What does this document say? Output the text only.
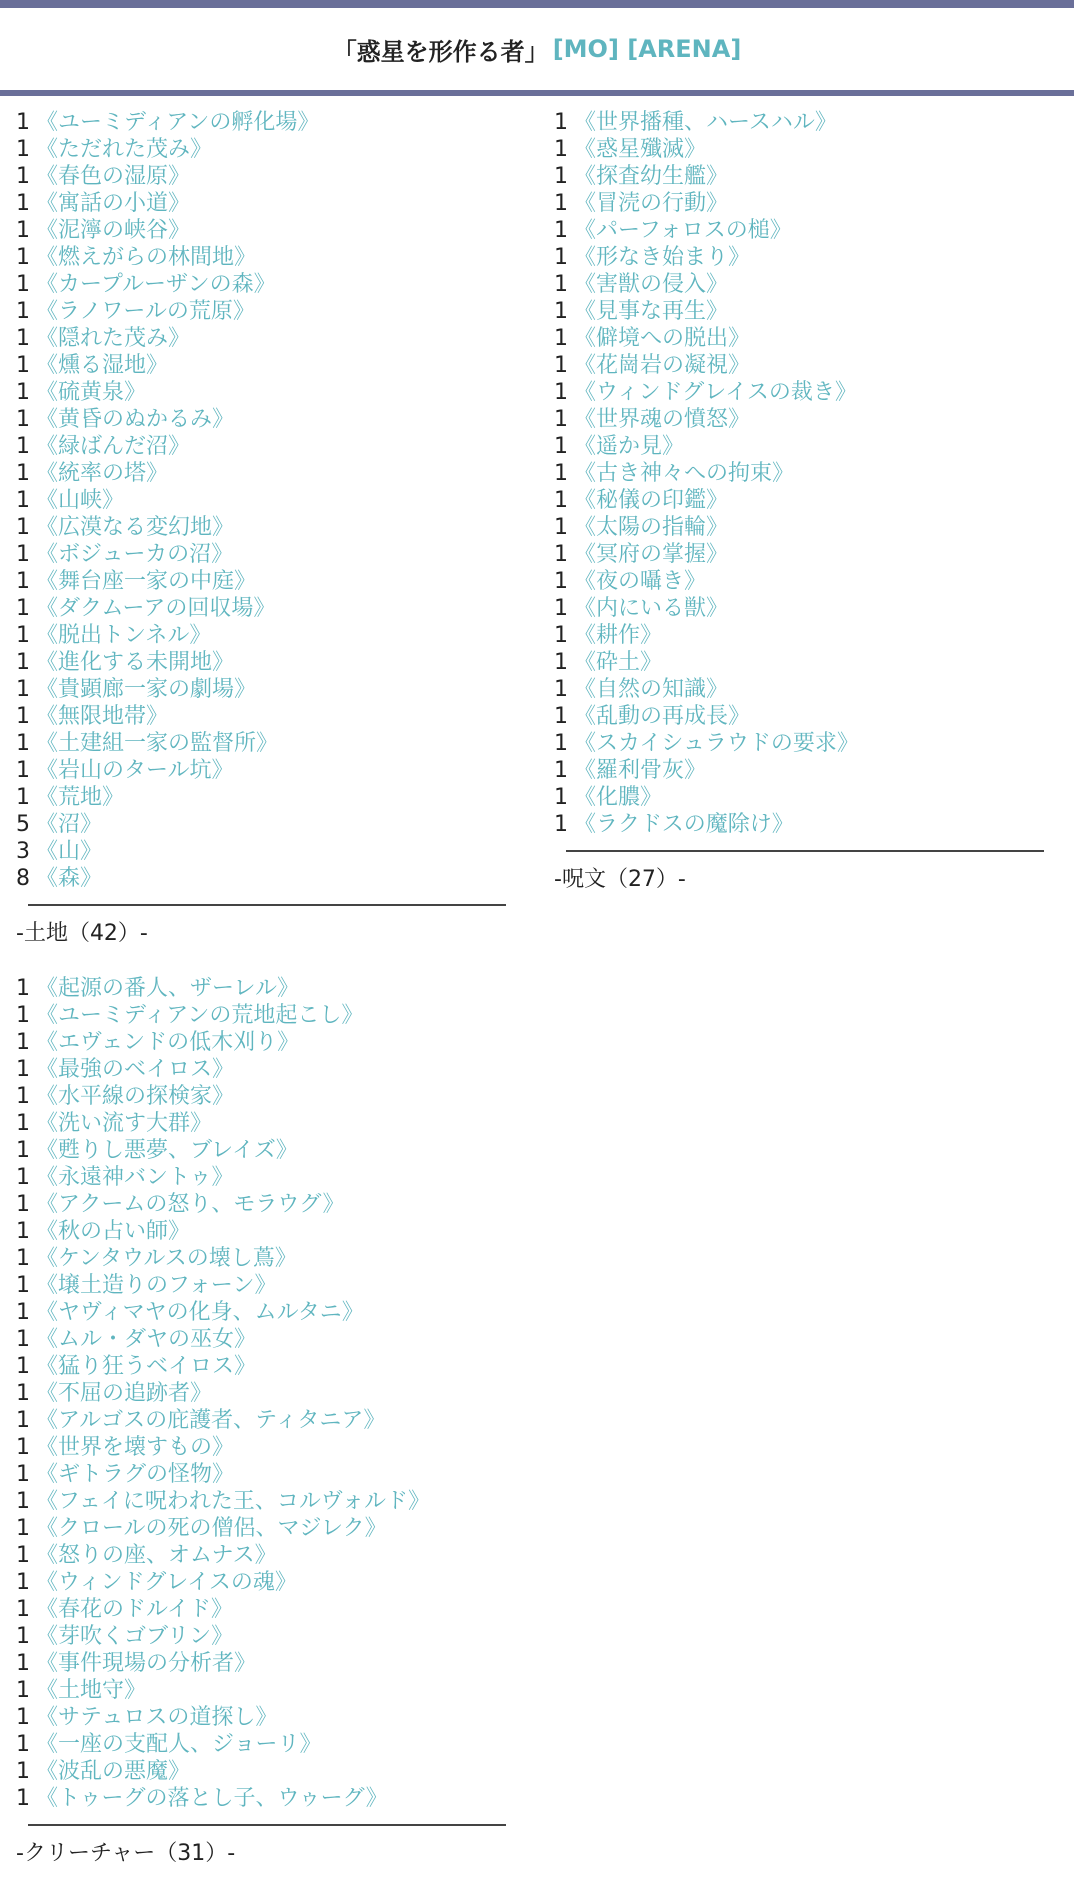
「惑星を形作る者」 [MO] [ARENA]
1 《ユーミディアンの孵化場》
1 《ただれた茂み》
1 《春色の湿原》
1 《寓話の小道》
1 《泥濘の峡谷》
1 《燃えがらの林間地》
1 《カープルーザンの森》
1 《ラノワールの荒原》
1 《隠れた茂み》
1 《燻る湿地》
1 《硫黄泉》
1 《黄昏のぬかるみ》
1 《緑ばんだ沼》
1 《統率の塔》
1 《山峡》
1 《広漠なる変幻地》
1 《ボジューカの沼》
1 《舞台座一家の中庭》
1 《ダクムーアの回収場》
1 《脱出トンネル》
1 《進化する未開地》
1 《貴顕廊一家の劇場》
1 《無限地帯》
1 《土建組一家の監督所》
1 《岩山のタール坑》
1 《荒地》
5 《沼》
3 《山》
8 《森》
-土地（42）-
1 《起源の番人、ザーレル》
1 《ユーミディアンの荒地起こし》
1 《エヴェンドの低木刈り》
1 《最強のベイロス》
1 《水平線の探検家》
1 《洗い流す大群》
1 《甦りし悪夢、ブレイズ》
1 《永遠神バントゥ》
1 《アクームの怒り、モラウグ》
1 《秋の占い師》
1 《ケンタウルスの壊し蔦》
1 《壌土造りのフォーン》
1 《ヤヴィマヤの化身、ムルタニ》
1 《ムル・ダヤの巫女》
1 《猛り狂うベイロス》
1 《不屈の追跡者》
1 《アルゴスの庇護者、ティタニア》
1 《世界を壊すもの》
1 《ギトラグの怪物》
1 《フェイに呪われた王、コルヴォルド》
1 《クロールの死の僧侶、マジレク》
1 《怒りの座、オムナス》
1 《ウィンドグレイスの魂》
1 《春花のドルイド》
1 《芽吹くゴブリン》
1 《事件現場の分析者》
1 《土地守》
1 《サテュロスの道探し》
1 《一座の支配人、ジョーリ》
1 《波乱の悪魔》
1 《トゥーグの落とし子、ウゥーグ》
-クリーチャー（31）-
1 《世界播種、ハースハル》
1 《惑星殲滅》
1 《探査幼生艦》
1 《冒涜の行動》
1 《パーフォロスの槌》
1 《形なき始まり》
1 《害獣の侵入》
1 《見事な再生》
1 《僻境への脱出》
1 《花崗岩の凝視》
1 《ウィンドグレイスの裁き》
1 《世界魂の憤怒》
1 《遥か見》
1 《古き神々への拘束》
1 《秘儀の印鑑》
1 《太陽の指輪》
1 《冥府の掌握》
1 《夜の囁き》
1 《内にいる獣》
1 《耕作》
1 《砕土》
1 《自然の知識》
1 《乱動の再成長》
1 《スカイシュラウドの要求》
1 《羅利骨灰》
1 《化膿》
1 《ラクドスの魔除け》
-呪文（27）-
